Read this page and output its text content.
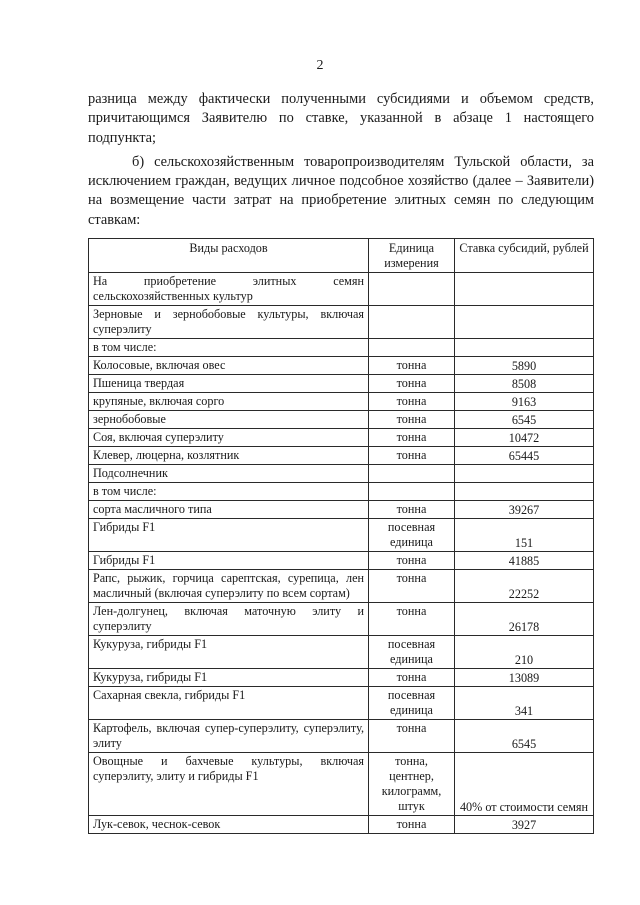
2

разница между фактически полученными субсидиями и объемом средств, причитающимся Заявителю по ставке, указанной в абзаце 1 настоящего подпункта;

б) сельскохозяйственным товаропроизводителям Тульской области, за исключением граждан, ведущих личное подсобное хозяйство (далее – Заявители) на возмещение части затрат на приобретение элитных семян по следующим ставкам:

Виды расходов	Единица измерения	Ставка субсидий, рублей
На приобретение элитных семян сельскохозяйственных культур		
Зерновые и зернобобовые культуры, включая суперэлиту		
в том числе:		
Колосовые, включая овес	тонна	5890
Пшеница твердая	тонна	8508
крупяные, включая сорго	тонна	9163
зернобобовые	тонна	6545
Соя, включая суперэлиту	тонна	10472
Клевер, люцерна, козлятник	тонна	65445
Подсолнечник		
в том числе:		
сорта масличного типа	тонна	39267
Гибриды F1	посевная единица	151
Гибриды F1	тонна	41885
Рапс, рыжик, горчица сарептская, сурепица, лен масличный (включая суперэлиту по всем сортам)	тонна	22252
Лен-долгунец, включая маточную элиту и суперэлиту	тонна	26178
Кукуруза, гибриды F1	посевная единица	210
Кукуруза, гибриды F1	тонна	13089
Сахарная свекла, гибриды F1	посевная единица	341
Картофель, включая супер-суперэлиту, суперэлиту, элиту	тонна	6545
Овощные и бахчевые культуры, включая суперэлиту, элиту и гибриды F1	тонна, центнер, килограмм, штук	40% от стоимости семян
Лук-севок, чеснок-севок	тонна	3927
